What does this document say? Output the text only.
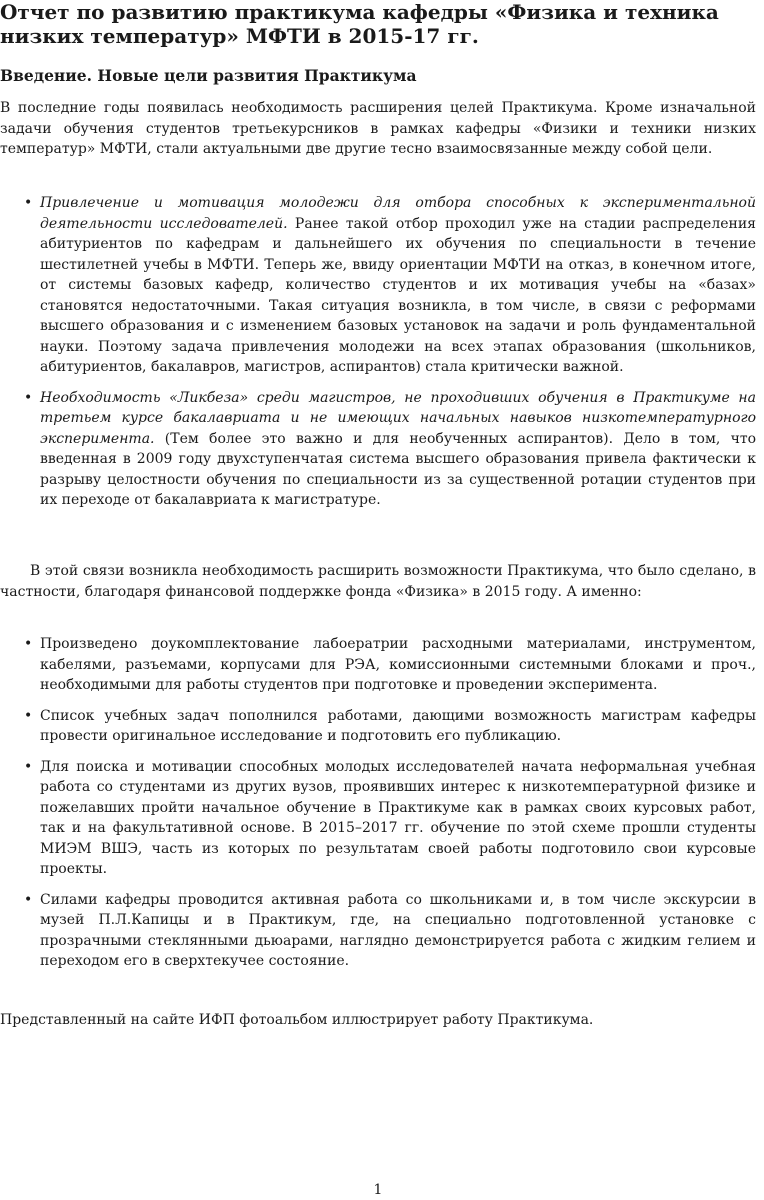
Отчет по развитию практикума кафедры «Физика и техника низких температур» МФТИ в 2015-17 гг.
Введение. Новые цели развития Практикума

В последние годы появилась необходимость расширения целей Практикума. Кроме изначальной задачи обучения студентов третьекурсников в рамках кафедры «Физики и техники низких температур» МФТИ, стали актуальными две другие тесно взаимосвязанные между собой цели.

• Привлечение и мотивация молодежи для отбора способных к экспериментальной деятельности исследователей. Ранее такой отбор проходил уже на стадии распределения абитуриентов по кафедрам и дальнейшего их обучения по специальности в течение шестилетней учебы в МФТИ. Теперь же, ввиду ориентации МФТИ на отказ, в конечном итоге, от системы базовых кафедр, количество студентов и их мотивация учебы на «базах» становятся недостаточными. Такая ситуация возникла, в том числе, в связи с реформами высшего образования и с изменением базовых установок на задачи и роль фундаментальной науки. Поэтому задача привлечения молодежи на всех этапах образования (школьников, абитуриентов, бакалавров, магистров, аспирантов) стала критически важной.
• Необходимость «Ликбеза» среди магистров, не проходивших обучения в Практикуме на третьем курсе бакалавриата и не имеющих начальных навыков низкотемпературного эксперимента. (Тем более это важно и для необученных аспирантов). Дело в том, что введенная в 2009 году двухступенчатая система высшего образования привела фактически к разрыву целостности обучения по специальности из за существенной ротации студентов при их переходе от бакалавриата к магистратуре.

В этой связи возникла необходимость расширить возможности Практикума, что было сделано, в частности, благодаря финансовой поддержке фонда «Физика» в 2015 году. А именно:

• Произведено доукомплектование лабоeратрии расходными материалами, инструментом, кабелями, разъемами, корпусами для РЭА, комиссионными системными блоками и проч., необходимыми для работы студентов при подготовке и проведении эксперимента.
• Список учебных задач пополнился работами, дающими возможность магистрам кафедры провести оригинальное исследование и подготовить его публикацию.
• Для поиска и мотивации способных молодых исследователей начата неформальная учебная работа со студентами из других вузов, проявивших интерес к низкотемпературной физике и пожелавших пройти начальное обучение в Практикуме как в рамках своих курсовых работ, так и на факультативной основе. В 2015–2017 гг. обучение по этой схеме прошли студенты МИЭМ ВШЭ, часть из которых по результатам своей работы подготовило свои курсовые проекты.
• Силами кафедры проводится активная работа со школьниками и, в том числе экскурсии в музей П.Л.Капицы и в Практикум, где, на специально подготовленной установке с прозрачными стеклянными дьюарами, наглядно демонстрируется работа с жидким гелием и переходом его в сверхтекучее состояние.

Представленный на сайте ИФП фотоальбом иллюстрирует работу Практикума.

1
